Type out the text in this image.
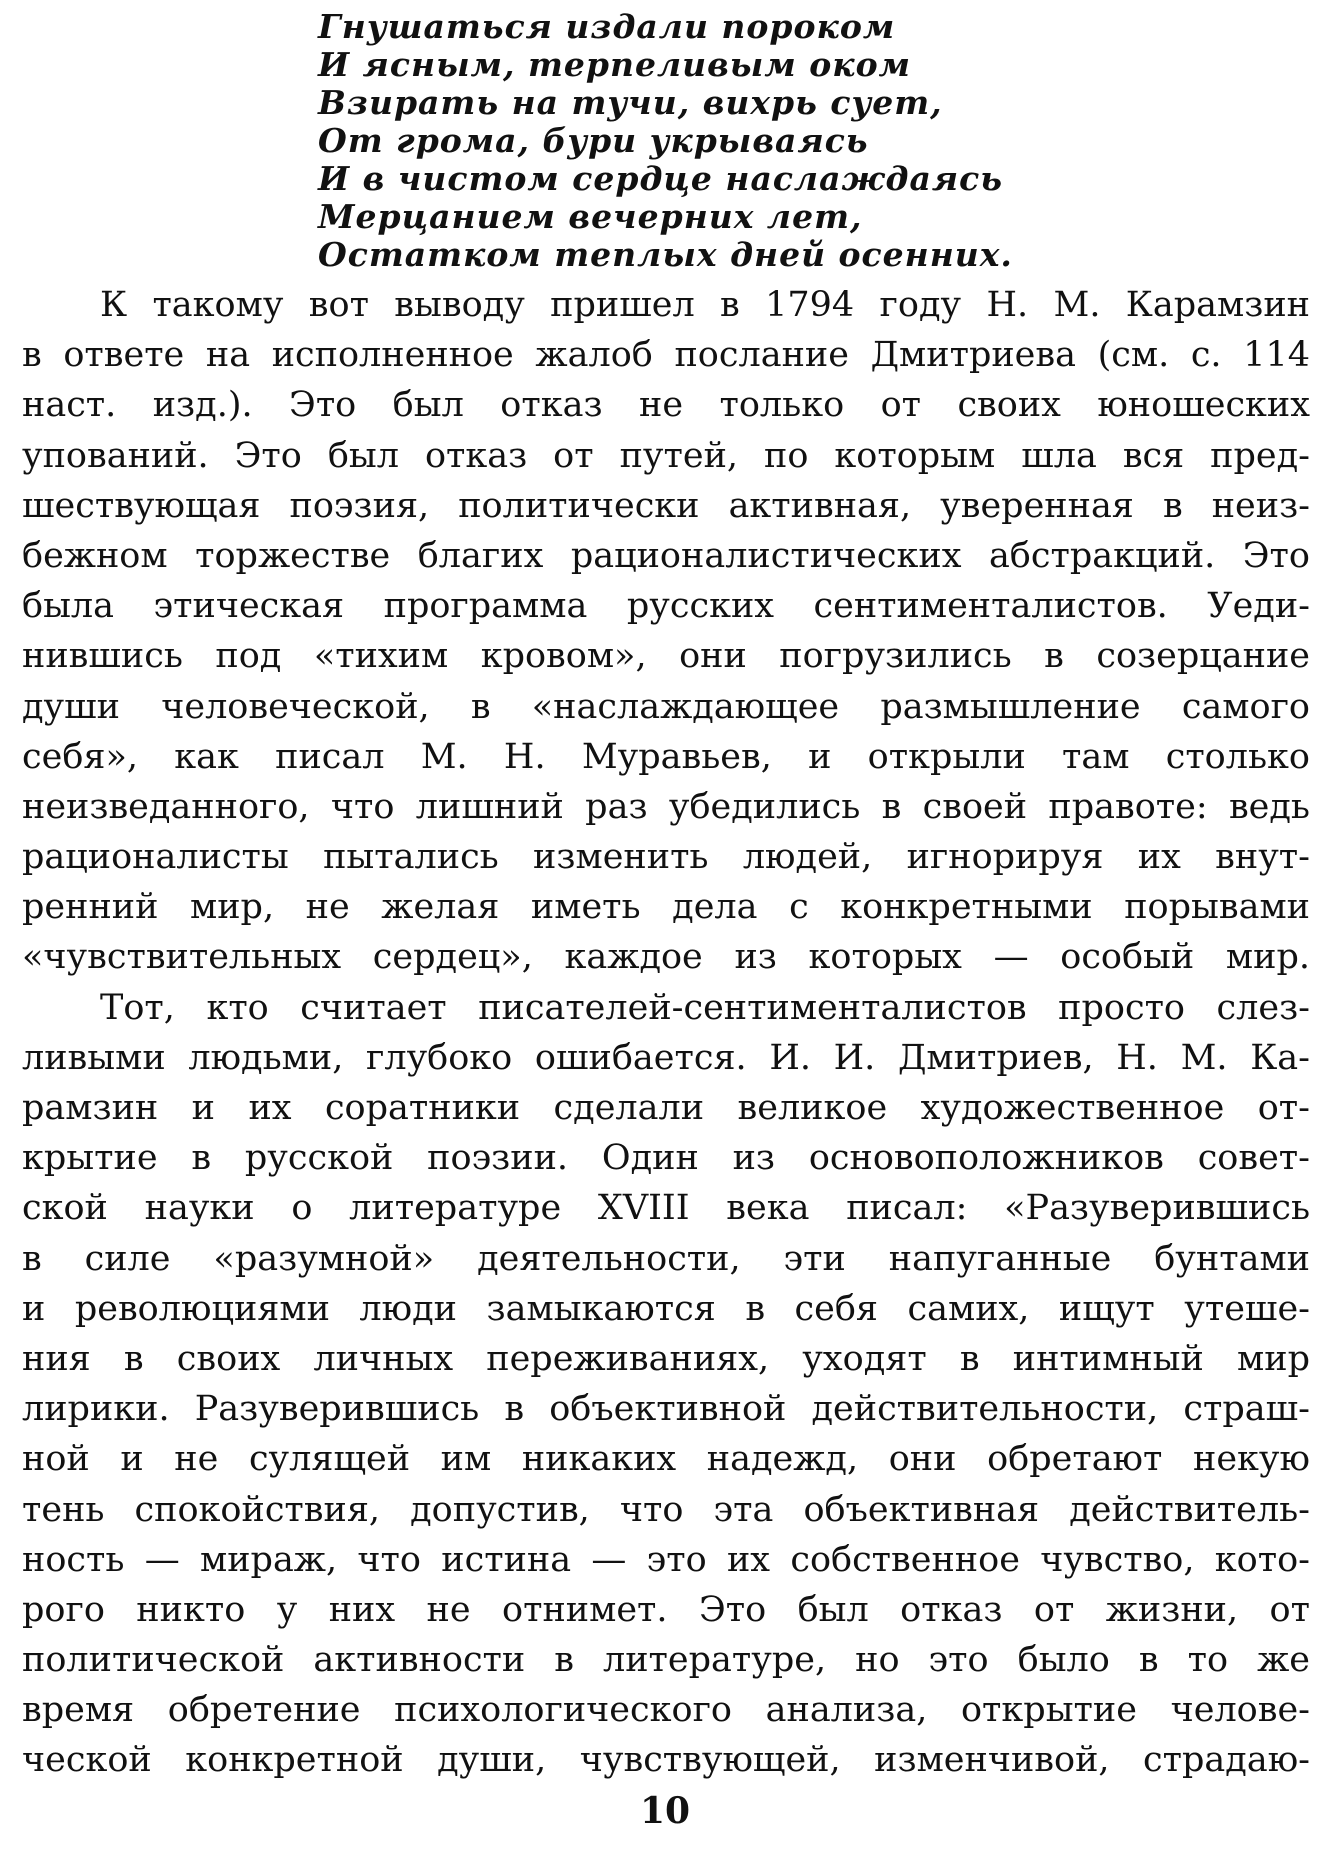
Гнушаться издали пороком
И ясным, терпеливым оком
Взирать на тучи, вихрь сует,
От грома, бури укрываясь
И в чистом сердце наслаждаясь
Мерцанием вечерних лет,
Остатком теплых дней осенних.
К такому вот выводу пришел в 1794 году Н. М. Карамзин
в ответе на исполненное жалоб послание Дмитриева (см. с. 114
наст. изд.). Это был отказ не только от своих юношеских
упований. Это был отказ от путей, по которым шла вся пред-
шествующая поэзия, политически активная, уверенная в неиз-
бежном торжестве благих рационалистических абстракций. Это
была этическая программа русских сентименталистов. Уеди-
нившись под «тихим кровом», они погрузились в созерцание
души человеческой, в «наслаждающее размышление самого
себя», как писал М. Н. Муравьев, и открыли там столько
неизведанного, что лишний раз убедились в своей правоте: ведь
рационалисты пытались изменить людей, игнорируя их внут-
ренний мир, не желая иметь дела с конкретными порывами
«чувствительных сердец», каждое из которых — особый мир.
Тот, кто считает писателей-сентименталистов просто слез-
ливыми людьми, глубоко ошибается. И. И. Дмитриев, Н. М. Ка-
рамзин и их соратники сделали великое художественное от-
крытие в русской поэзии. Один из основоположников совет-
ской науки о литературе XVIII века писал: «Разуверившись
в силе «разумной» деятельности, эти напуганные бунтами
и революциями люди замыкаются в себя самих, ищут утеше-
ния в своих личных переживаниях, уходят в интимный мир
лирики. Разуверившись в объективной действительности, страш-
ной и не сулящей им никаких надежд, они обретают некую
тень спокойствия, допустив, что эта объективная действитель-
ность — мираж, что истина — это их собственное чувство, кото-
рого никто у них не отнимет. Это был отказ от жизни, от
политической активности в литературе, но это было в то же
время обретение психологического анализа, открытие челове-
ческой конкретной души, чувствующей, изменчивой, страдаю-
10
